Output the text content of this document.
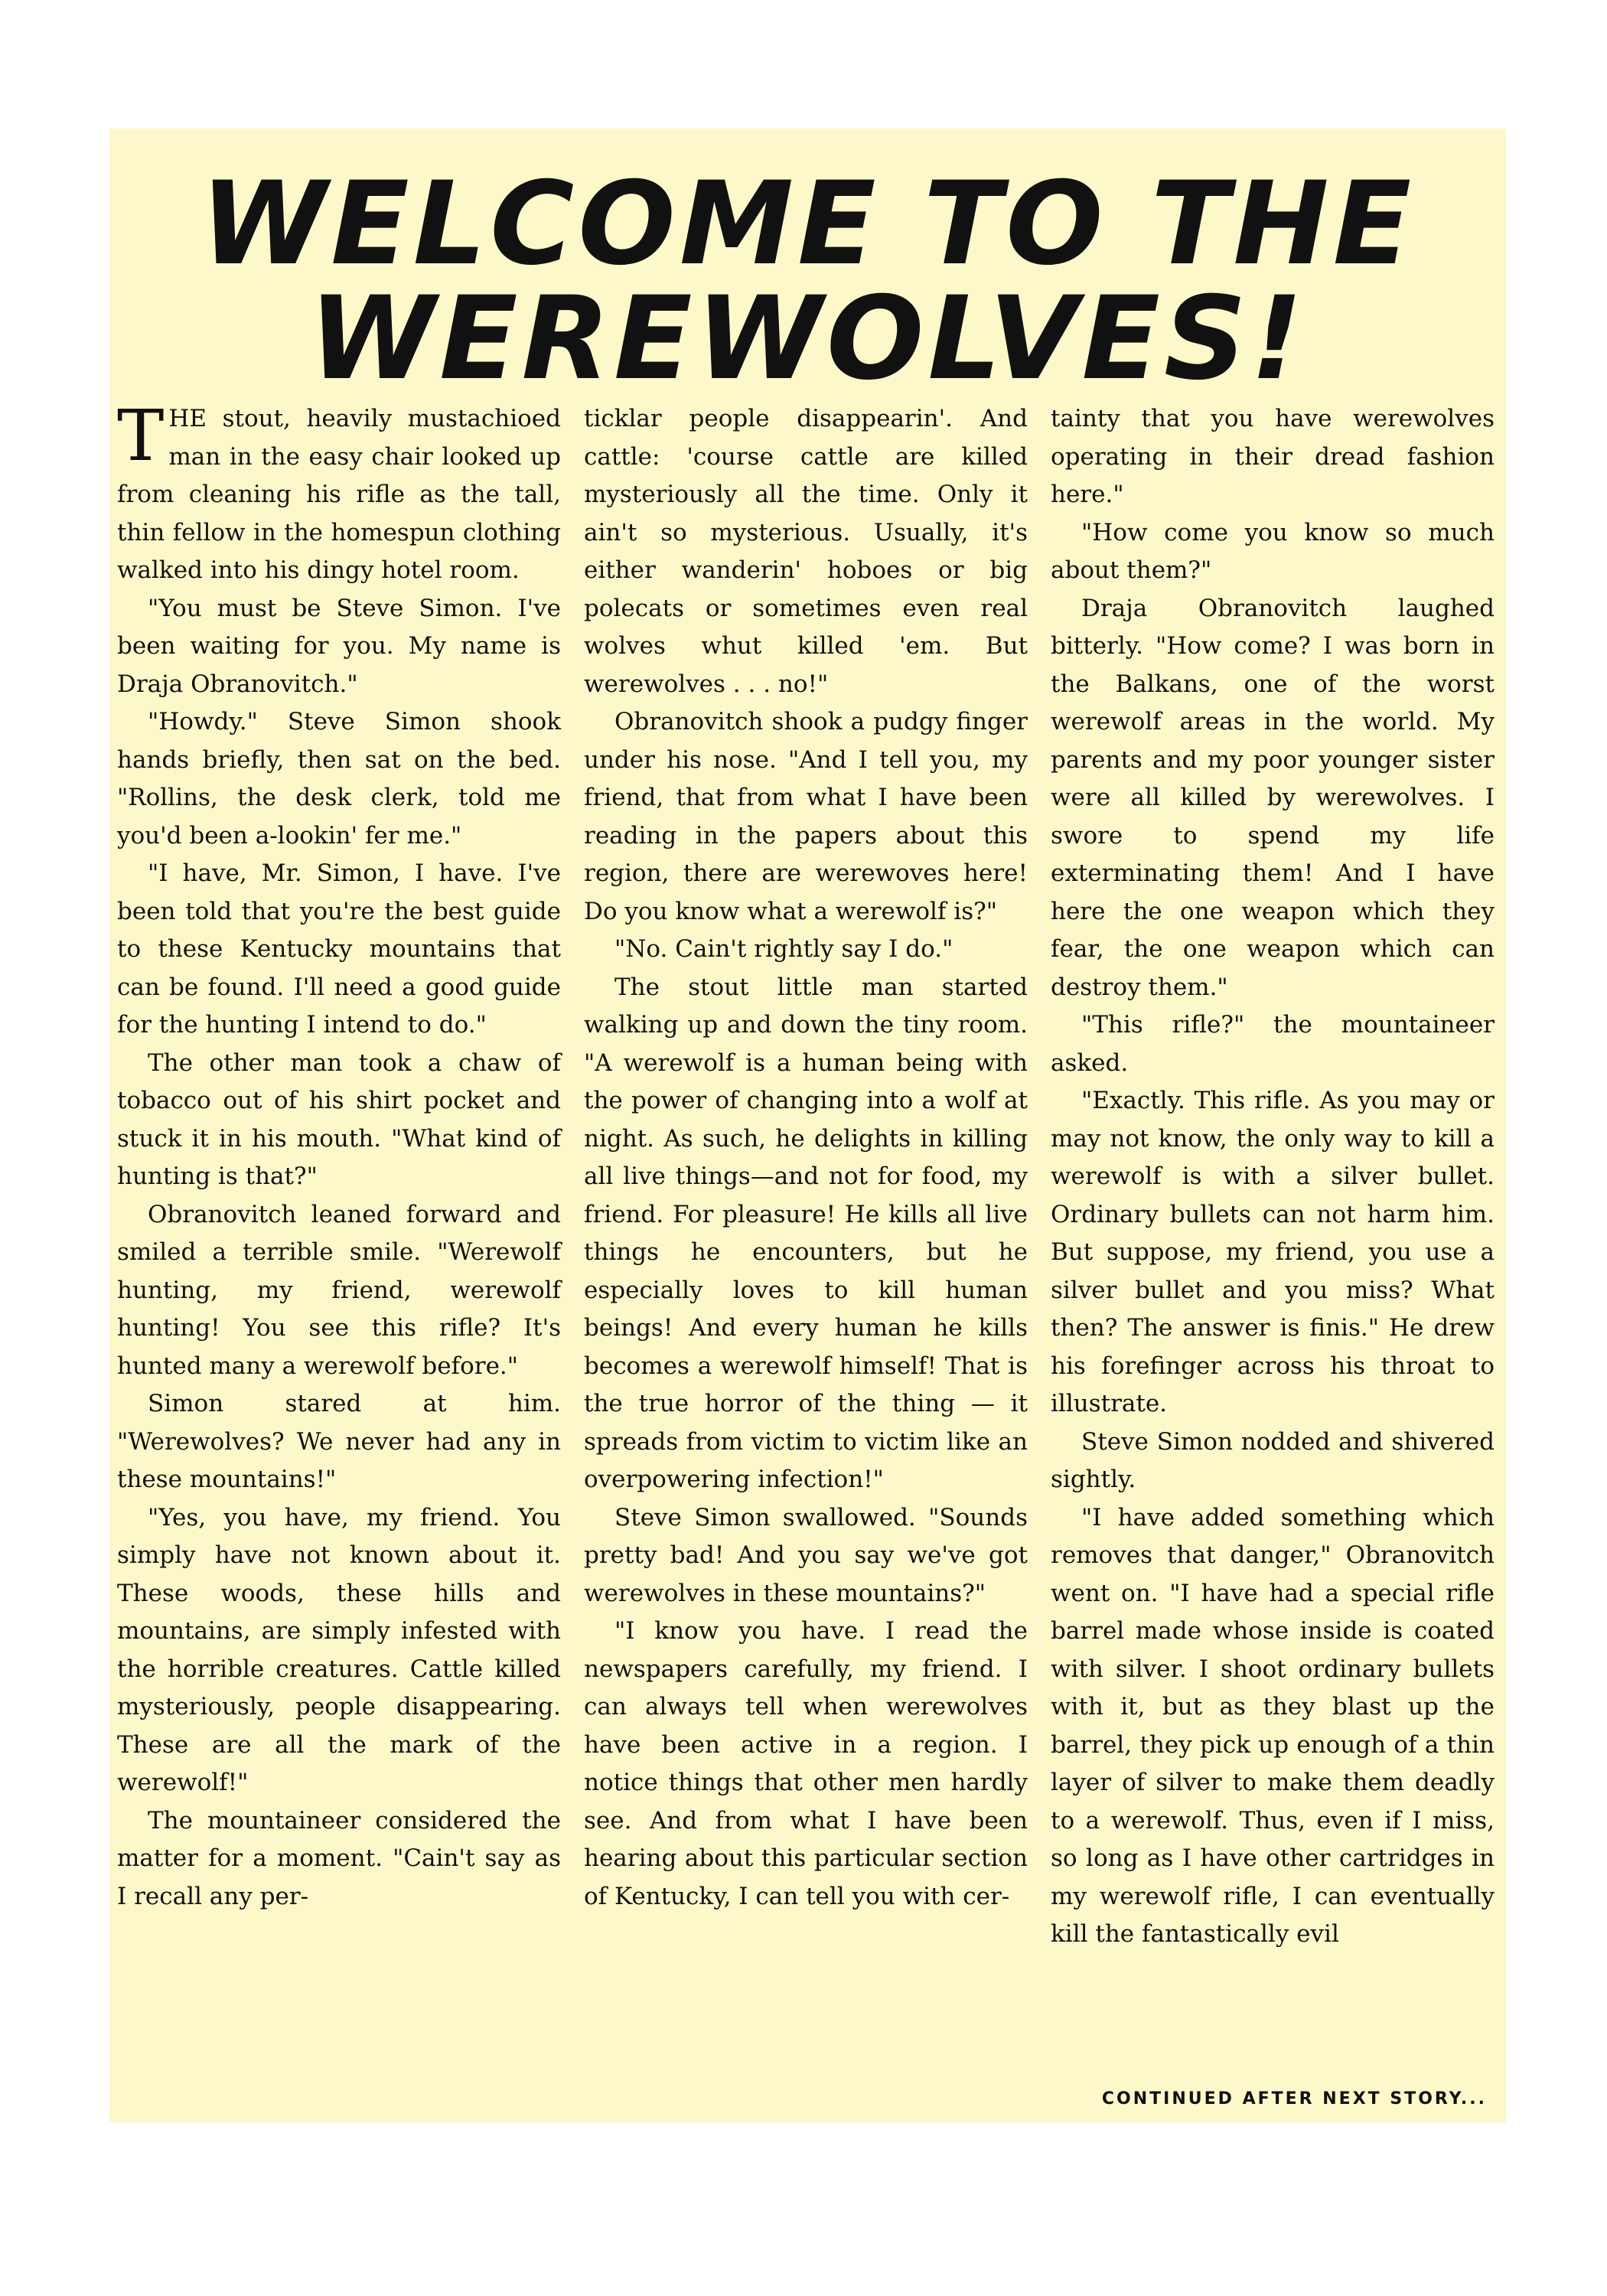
WELCOME TO THE
WEREWOLVES!

THE stout, heavily mustachioed man in the easy chair looked up from cleaning his rifle as the tall, thin fellow in the homespun clothing walked into his dingy hotel room.

"You must be Steve Simon. I've been waiting for you. My name is Draja Obranovitch."

"Howdy." Steve Simon shook hands briefly, then sat on the bed. "Rollins, the desk clerk, told me you'd been a-lookin' fer me."

"I have, Mr. Simon, I have. I've been told that you're the best guide to these Kentucky mountains that can be found. I'll need a good guide for the hunting I intend to do."

The other man took a chaw of tobacco out of his shirt pocket and stuck it in his mouth. "What kind of hunting is that?"

Obranovitch leaned forward and smiled a terrible smile. "Werewolf hunting, my friend, werewolf hunting! You see this rifle? It's hunted many a werewolf before."

Simon stared at him. "Werewolves? We never had any in these mountains!"

"Yes, you have, my friend. You simply have not known about it. These woods, these hills and mountains, are simply infested with the horrible creatures. Cattle killed mysteriously, people disappearing. These are all the mark of the werewolf!"

The mountaineer considered the matter for a moment. "Cain't say as I recall any per-

ticklar people disappearin'. And cattle: 'course cattle are killed mysteriously all the time. Only it ain't so mysterious. Usually, it's either wanderin' hoboes or big polecats or sometimes even real wolves whut killed 'em. But werewolves . . . no!"

Obranovitch shook a pudgy finger under his nose. "And I tell you, my friend, that from what I have been reading in the papers about this region, there are werewoves here! Do you know what a werewolf is?"

"No. Cain't rightly say I do."

The stout little man started walking up and down the tiny room. "A werewolf is a human being with the power of changing into a wolf at night. As such, he delights in killing all live things—and not for food, my friend. For pleasure! He kills all live things he encounters, but he especially loves to kill human beings! And every human he kills becomes a werewolf himself! That is the true horror of the thing — it spreads from victim to victim like an overpowering infection!"

Steve Simon swallowed. "Sounds pretty bad! And you say we've got werewolves in these mountains?"

"I know you have. I read the newspapers carefully, my friend. I can always tell when werewolves have been active in a region. I notice things that other men hardly see. And from what I have been hearing about this particular section of Kentucky, I can tell you with cer-

tainty that you have werewolves operating in their dread fashion here."

"How come you know so much about them?"

Draja Obranovitch laughed bitterly. "How come? I was born in the Balkans, one of the worst werewolf areas in the world. My parents and my poor younger sister were all killed by werewolves. I swore to spend my life exterminating them! And I have here the one weapon which they fear, the one weapon which can destroy them."

"This rifle?" the mountaineer asked.

"Exactly. This rifle. As you may or may not know, the only way to kill a werewolf is with a silver bullet. Ordinary bullets can not harm him. But suppose, my friend, you use a silver bullet and you miss? What then? The answer is finis." He drew his forefinger across his throat to illustrate.

Steve Simon nodded and shivered sightly.

"I have added something which removes that danger," Obranovitch went on. "I have had a special rifle barrel made whose inside is coated with silver. I shoot ordinary bullets with it, but as they blast up the barrel, they pick up enough of a thin layer of silver to make them deadly to a werewolf. Thus, even if I miss, so long as I have other cartridges in my werewolf rifle, I can eventually kill the fantastically evil

CONTINUED AFTER NEXT STORY...
